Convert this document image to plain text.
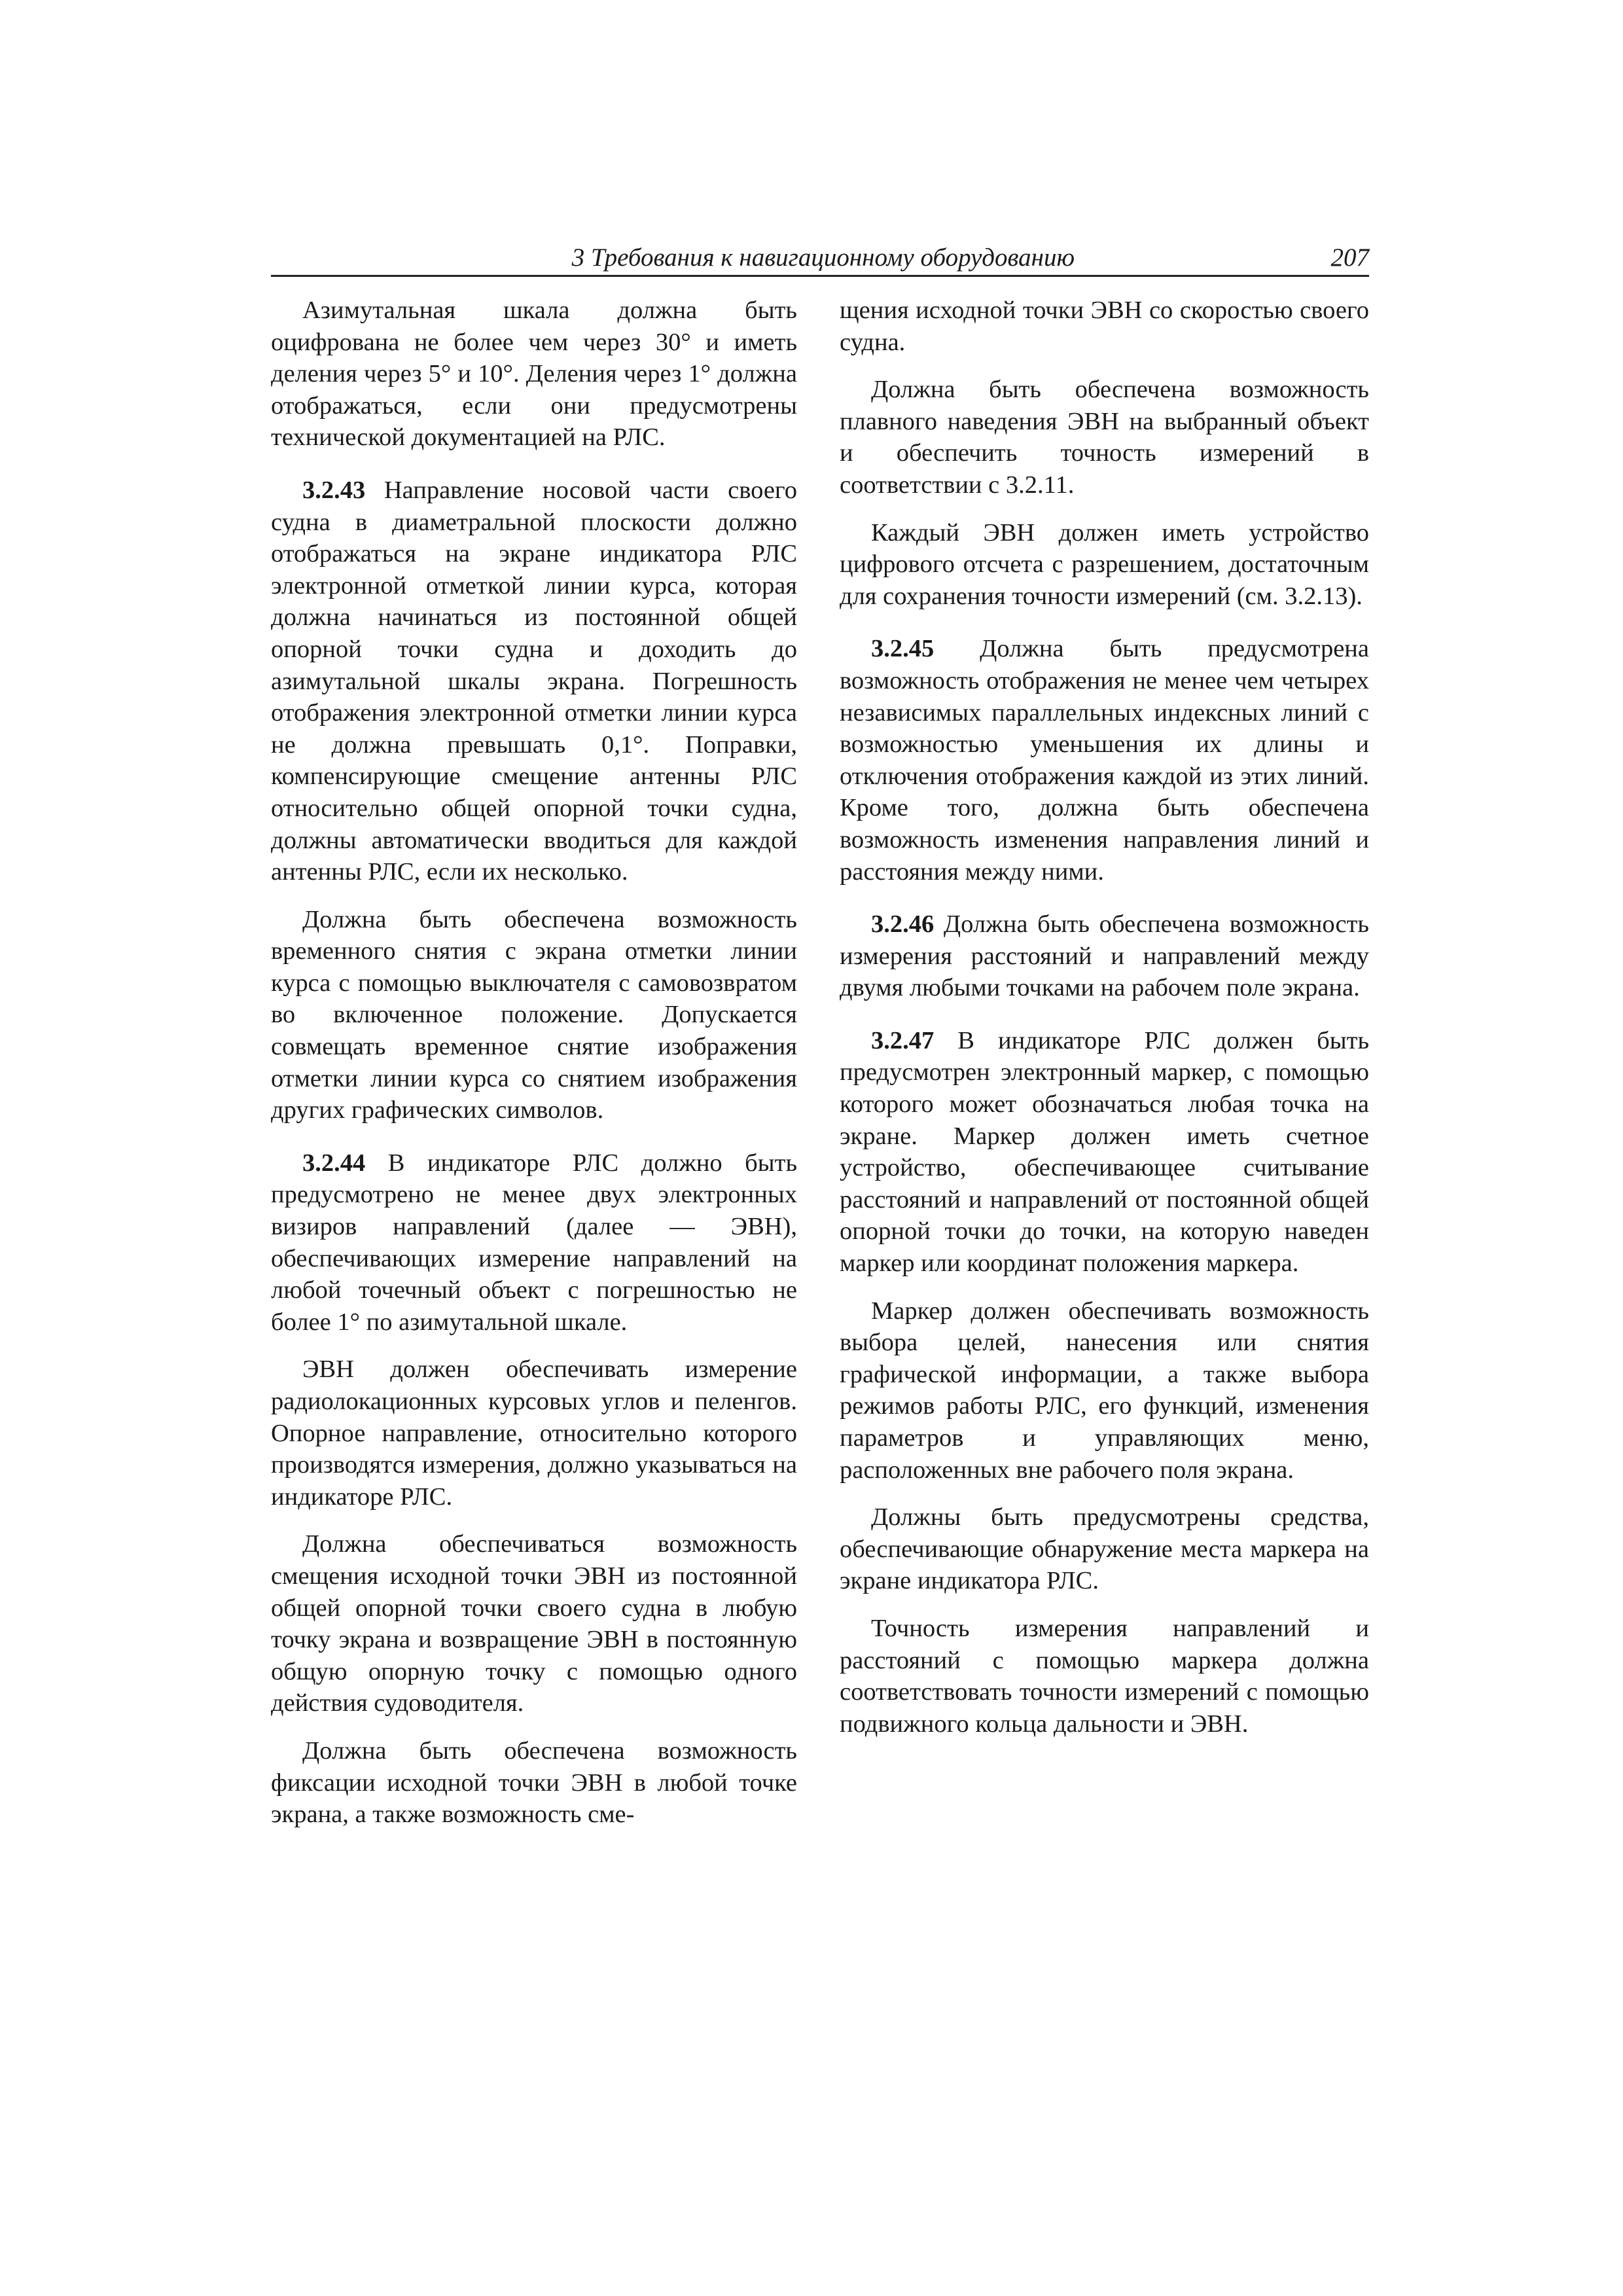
3 Требования к навигационному оборудованию	207

Азимутальная шкала должна быть оцифрована не более чем через 30° и иметь деления через 5° и 10°. Деления через 1° должна отображаться, если они предусмотрены технической документацией на РЛС.

3.2.43 Направление носовой части своего судна в диаметральной плоскости должно отображаться на экране индикатора РЛС электронной отметкой линии курса, которая должна начинаться из постоянной общей опорной точки судна и доходить до азимутальной шкалы экрана. Погрешность отображения электронной отметки линии курса не должна превышать 0,1°. Поправки, компенсирующие смещение антенны РЛС относительно общей опорной точки судна, должны автоматически вводиться для каждой антенны РЛС, если их несколько.

Должна быть обеспечена возможность временного снятия с экрана отметки линии курса с помощью выключателя с самовозвратом во включенное положение. Допускается совмещать временное снятие изображения отметки линии курса со снятием изображения других графических символов.

3.2.44 В индикаторе РЛС должно быть предусмотрено не менее двух электронных визиров направлений (далее — ЭВН), обеспечивающих измерение направлений на любой точечный объект с погрешностью не более 1° по азимутальной шкале.

ЭВН должен обеспечивать измерение радиолокационных курсовых углов и пеленгов. Опорное направление, относительно которого производятся измерения, должно указываться на индикаторе РЛС.

Должна обеспечиваться возможность смещения исходной точки ЭВН из постоянной общей опорной точки своего судна в любую точку экрана и возвращение ЭВН в постоянную общую опорную точку с помощью одного действия судоводителя.

Должна быть обеспечена возможность фиксации исходной точки ЭВН в любой точке экрана, а также возможность сме-

щения исходной точки ЭВН со скоростью своего судна.

Должна быть обеспечена возможность плавного наведения ЭВН на выбранный объект и обеспечить точность измерений в соответствии с 3.2.11.

Каждый ЭВН должен иметь устройство цифрового отсчета с разрешением, достаточным для сохранения точности измерений (см. 3.2.13).

3.2.45 Должна быть предусмотрена возможность отображения не менее чем четырех независимых параллельных индексных линий с возможностью уменьшения их длины и отключения отображения каждой из этих линий. Кроме того, должна быть обеспечена возможность изменения направления линий и расстояния между ними.

3.2.46 Должна быть обеспечена возможность измерения расстояний и направлений между двумя любыми точками на рабочем поле экрана.

3.2.47 В индикаторе РЛС должен быть предусмотрен электронный маркер, с помощью которого может обозначаться любая точка на экране. Маркер должен иметь счетное устройство, обеспечивающее считывание расстояний и направлений от постоянной общей опорной точки до точки, на которую наведен маркер или координат положения маркера.

Маркер должен обеспечивать возможность выбора целей, нанесения или снятия графической информации, а также выбора режимов работы РЛС, его функций, изменения параметров и управляющих меню, расположенных вне рабочего поля экрана.

Должны быть предусмотрены средства, обеспечивающие обнаружение места маркера на экране индикатора РЛС.

Точность измерения направлений и расстояний с помощью маркера должна соответствовать точности измерений с помощью подвижного кольца дальности и ЭВН.
